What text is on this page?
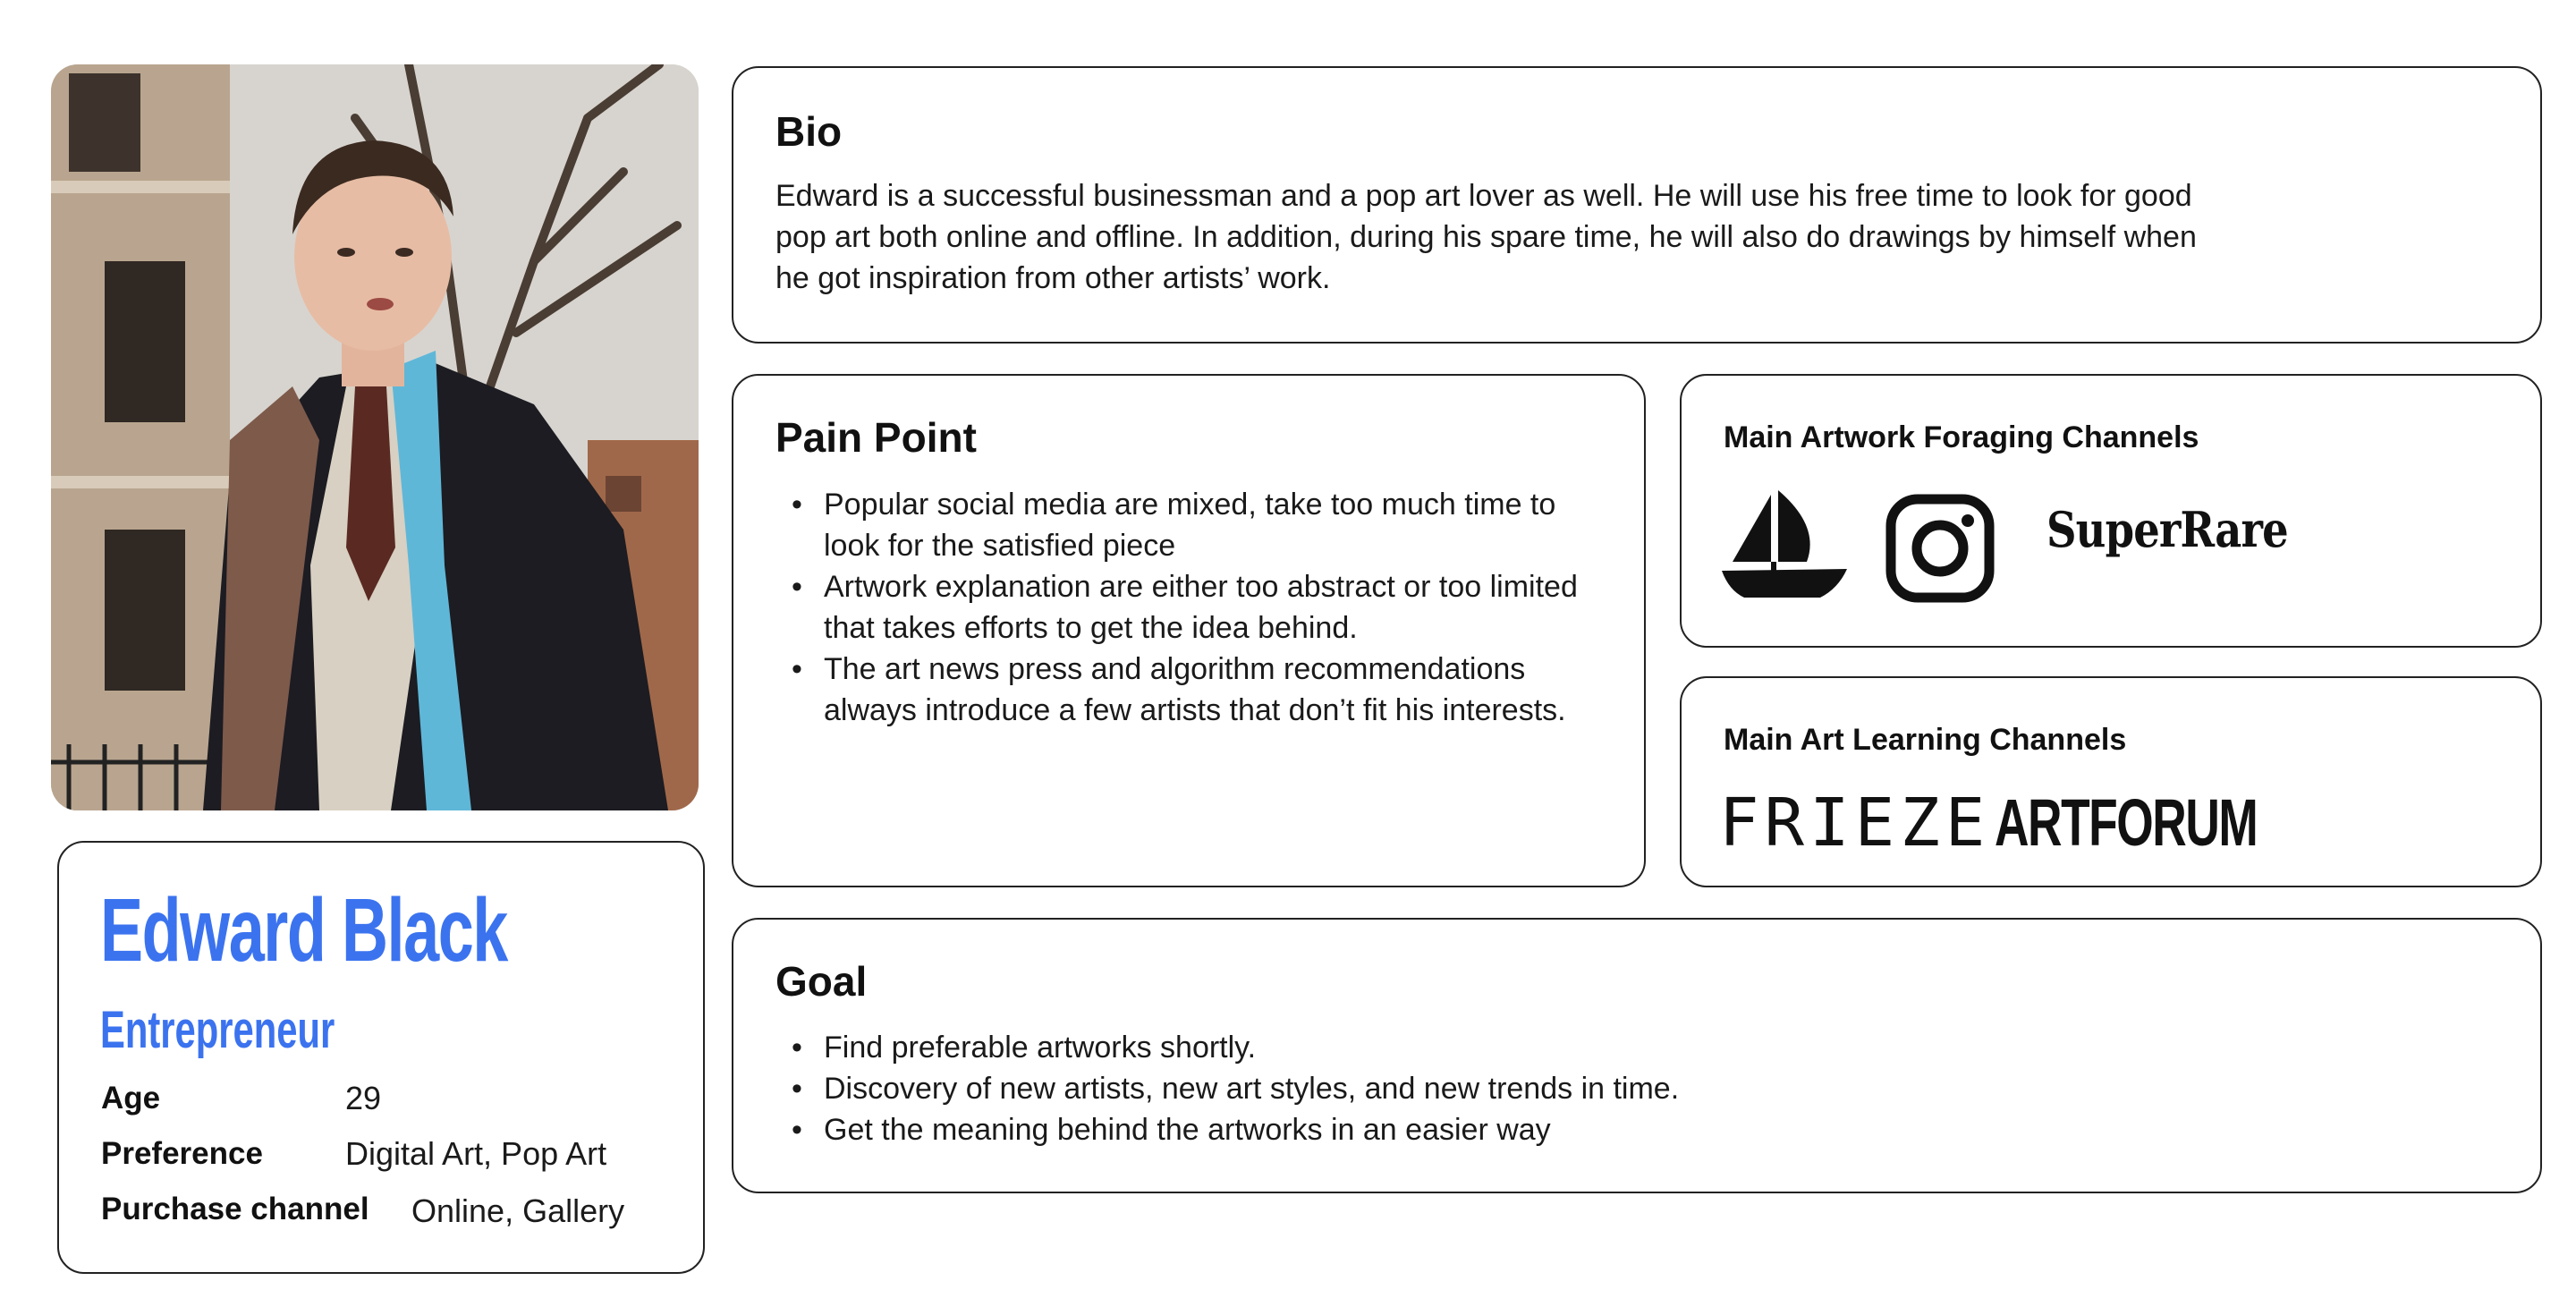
Edward Black
Entrepreneur
Age	29
Preference	Digital Art, Pop Art
Purchase channel Online, Gallery
Bio
Edward is a successful businessman and a pop art lover as well. He will use his free time to look for good
pop art both online and offline. In addition, during his spare time, he will also do drawings by himself when
he got inspiration from other artists’ work.
Pain Point
• Popular social media are mixed, take too much time to look for the satisfied piece
• Artwork explanation are either too abstract or too limited that takes efforts to get the idea behind.
• The art news press and algorithm recommendations always introduce a few artists that don’t fit his interests.
Main Artwork Foraging Channels
SuperRare
Main Art Learning Channels
FRIEZE ARTFORUM
Goal
• Find preferable artworks shortly.
• Discovery of new artists, new art styles, and new trends in time.
• Get the meaning behind the artworks in an easier way
